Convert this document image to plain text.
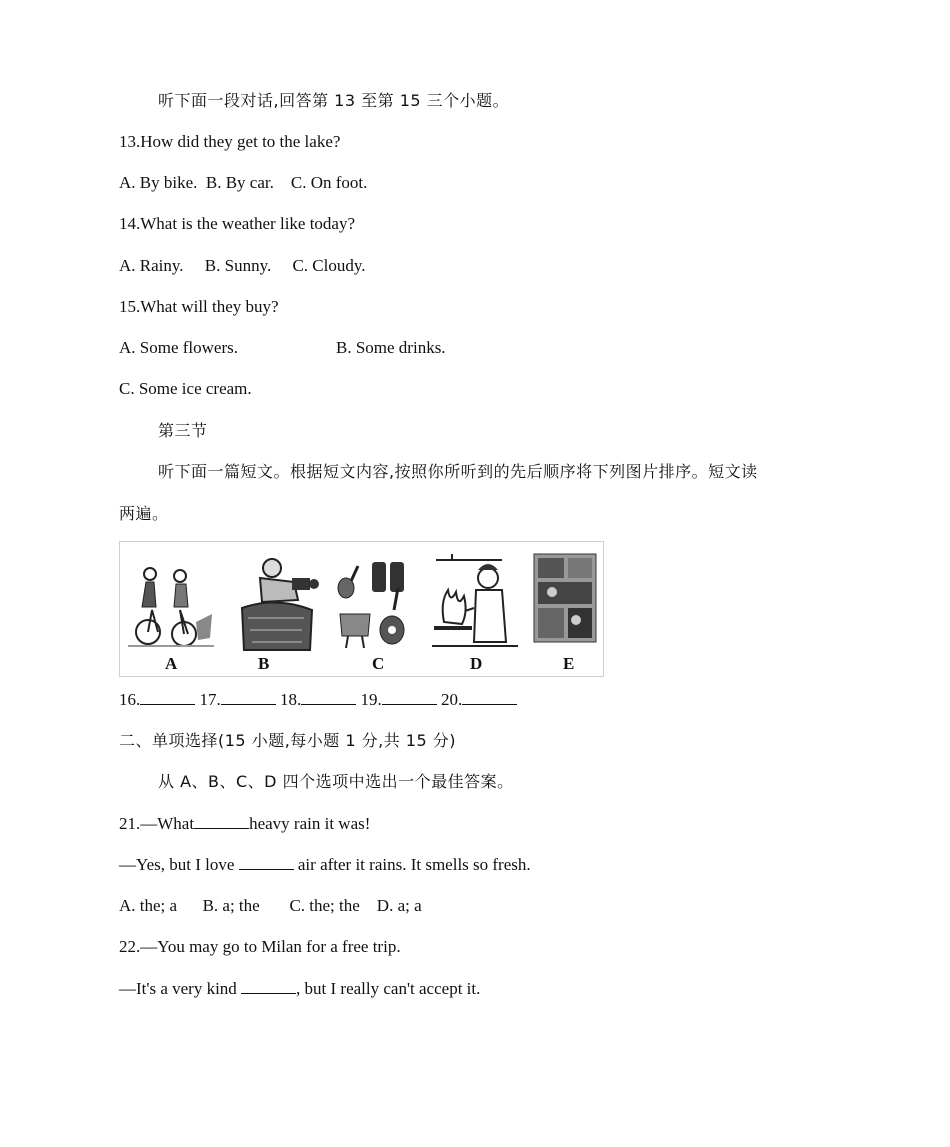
听下面一段对话,回答第 13 至第 15 三个小题。
13.How did they get to the lake?
A. By bike.  B. By car.    C. On foot.
14.What is the weather like today?
A. Rainy.     B. Sunny.     C. Cloudy.
15.What will they buy?
A. Some flowers.	B. Some drinks.
C. Some ice cream.
第三节
听下面一篇短文。根据短文内容,按照你所听到的先后顺序将下列图片排序。短文读
两遍。
A	B	C	D	E
16.	17.	18.	19.	20.
二、单项选择(15 小题,每小题 1 分,共 15 分)
从 A、B、C、D 四个选项中选出一个最佳答案。
21.—What	heavy rain it was!
—Yes, but I love	air after it rains. It smells so fresh.
A. the; a      B. a; the       C. the; the    D. a; a
22.—You may go to Milan for a free trip.
—It's a very kind	, but I really can't accept it.
